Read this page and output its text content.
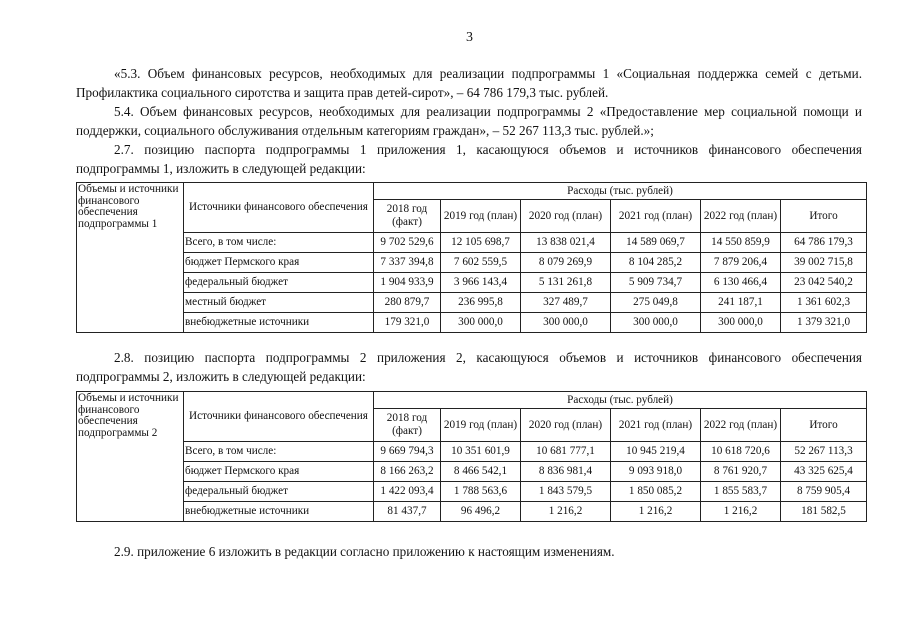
3

«5.3. Объем финансовых ресурсов, необходимых для реализации подпрограммы 1 «Социальная поддержка семей с детьми. Профилактика социального сиротства и защита прав детей-сирот», – 64 786 179,3 тыс. рублей.

5.4. Объем финансовых ресурсов, необходимых для реализации подпрограммы 2 «Предоставление мер социальной помощи и поддержки, социального обслуживания отдельным категориям граждан», – 52 267 113,3 тыс. рублей.»;

2.7. позицию паспорта подпрограммы 1 приложения 1, касающуюся объемов и источников финансового обеспечения подпрограммы 1, изложить в следующей редакции:

Объемы и источники финансового обеспечения подпрограммы 1	Источники финансового обеспечения	Расходы (тыс. рублей)					
		2018 год (факт)	2019 год (план)	2020 год (план)	2021 год (план)	2022 год (план)	Итого
	Всего, в том числе:	9 702 529,6	12 105 698,7	13 838 021,4	14 589 069,7	14 550 859,9	64 786 179,3
	бюджет Пермского края	7 337 394,8	7 602 559,5	8 079 269,9	8 104 285,2	7 879 206,4	39 002 715,8
	федеральный бюджет	1 904 933,9	3 966 143,4	5 131 261,8	5 909 734,7	6 130 466,4	23 042 540,2
	местный бюджет	280 879,7	236 995,8	327 489,7	275 049,8	241 187,1	1 361 602,3
	внебюджетные источники	179 321,0	300 000,0	300 000,0	300 000,0	300 000,0	1 379 321,0

2.8. позицию паспорта подпрограммы 2 приложения 2, касающуюся объемов и источников финансового обеспечения подпрограммы 2, изложить в следующей редакции:

Объемы и источники финансового обеспечения подпрограммы 2	Источники финансового обеспечения	Расходы (тыс. рублей)					
		2018 год (факт)	2019 год (план)	2020 год (план)	2021 год (план)	2022 год (план)	Итого
	Всего, в том числе:	9 669 794,3	10 351 601,9	10 681 777,1	10 945 219,4	10 618 720,6	52 267 113,3
	бюджет Пермского края	8 166 263,2	8 466 542,1	8 836 981,4	9 093 918,0	8 761 920,7	43 325 625,4
	федеральный бюджет	1 422 093,4	1 788 563,6	1 843 579,5	1 850 085,2	1 855 583,7	8 759 905,4
	внебюджетные источники	81 437,7	96 496,2	1 216,2	1 216,2	1 216,2	181 582,5

2.9. приложение 6 изложить в редакции согласно приложению к настоящим изменениям.
